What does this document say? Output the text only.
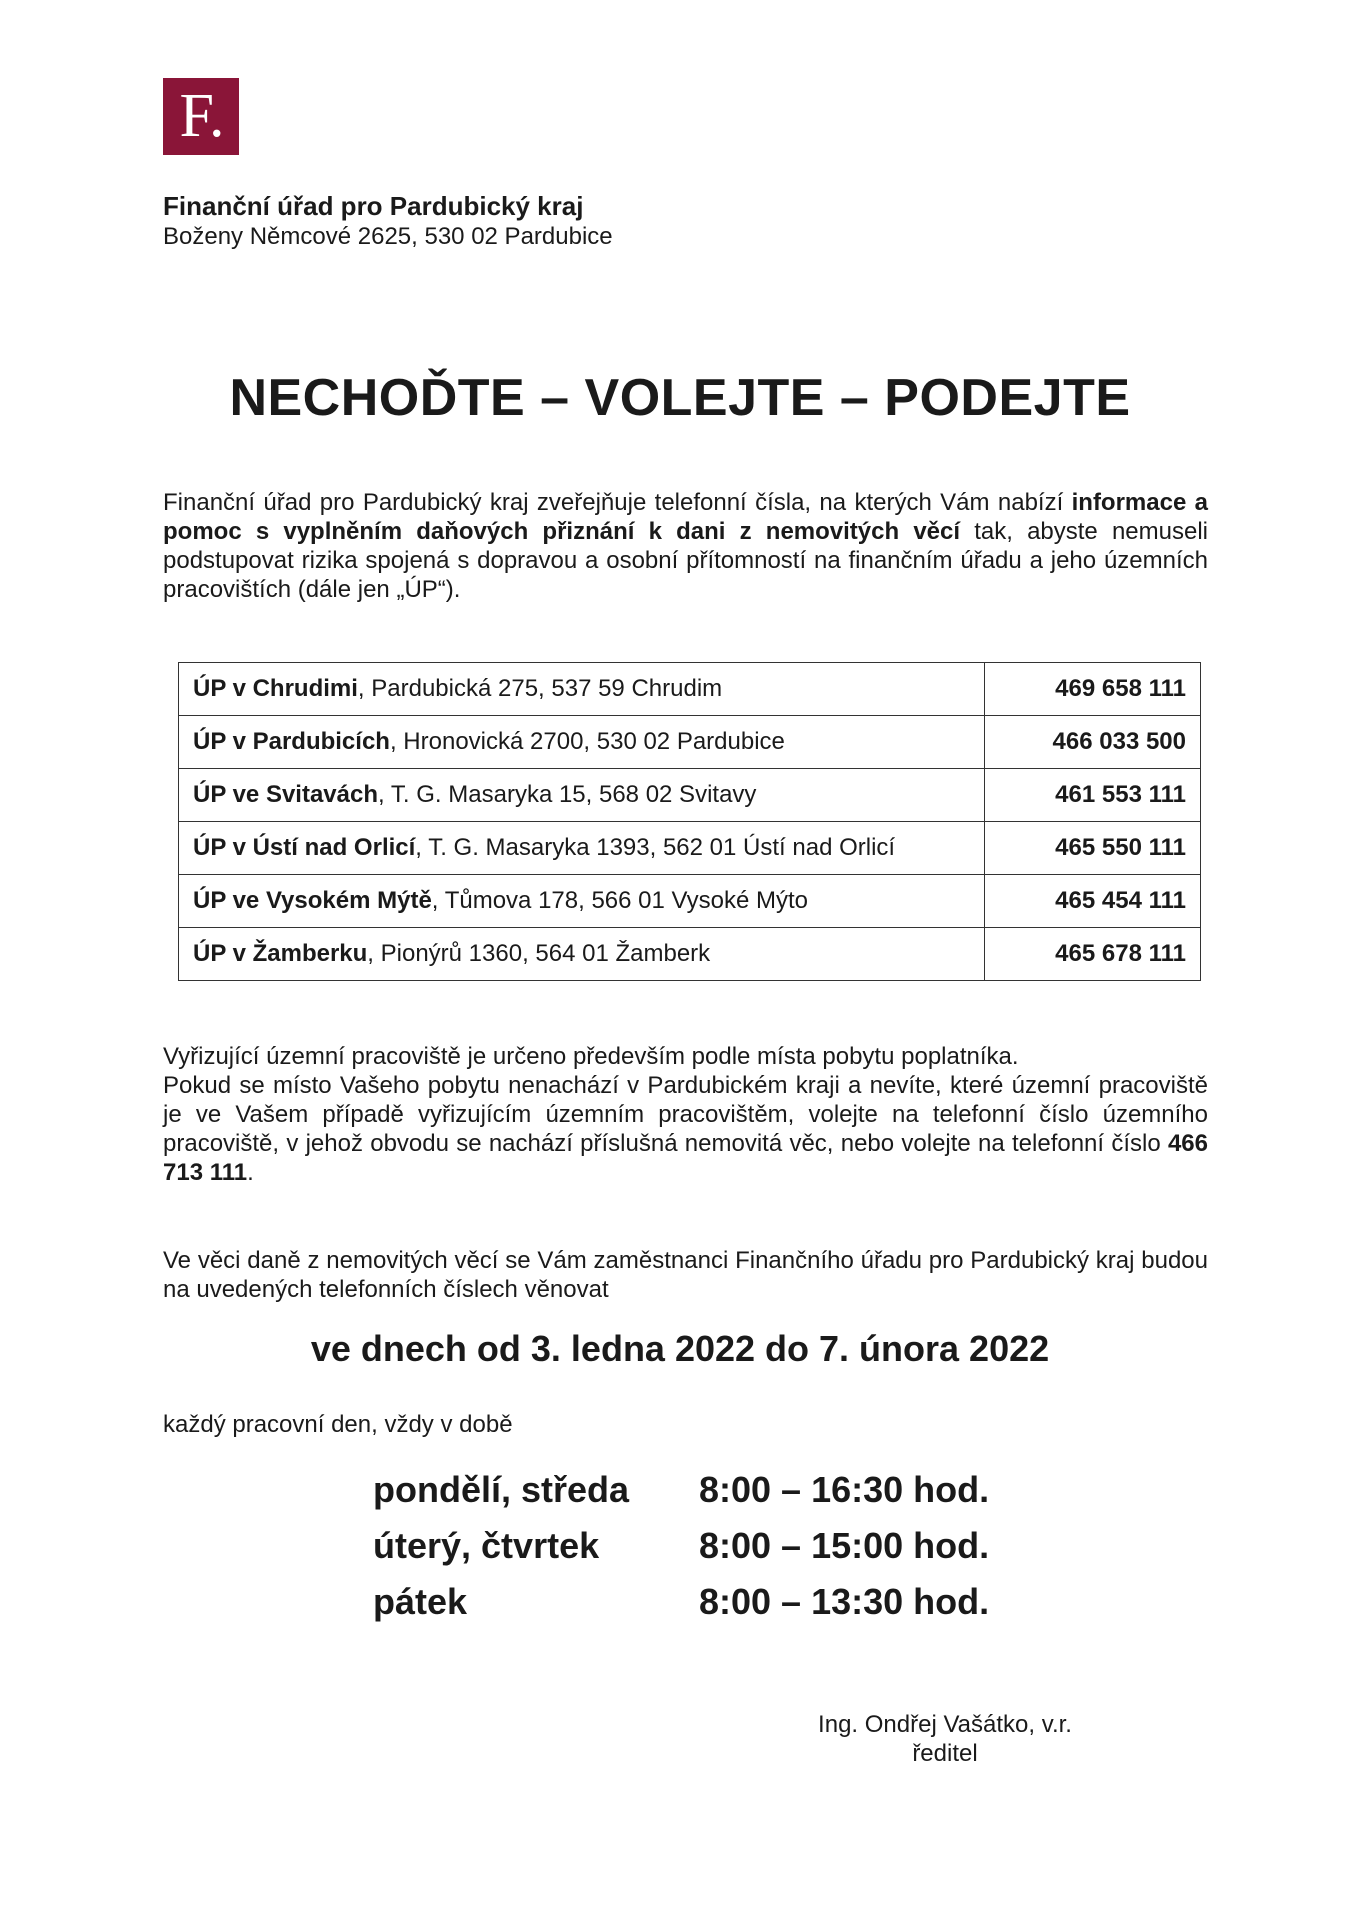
F.
Finanční úřad pro Pardubický kraj
Boženy Němcové 2625, 530 02 Pardubice
NECHOĎTE – VOLEJTE – PODEJTE
Finanční úřad pro Pardubický kraj zveřejňuje telefonní čísla, na kterých Vám nabízí informace a pomoc s vyplněním daňových přiznání k dani z nemovitých věcí tak, abyste nemuseli podstupovat rizika spojená s dopravou a osobní přítomností na finančním úřadu a jeho územních pracovištích (dále jen „ÚP“).
ÚP v Chrudimi, Pardubická 275, 537 59 Chrudim	469 658 111
ÚP v Pardubicích, Hronovická 2700, 530 02 Pardubice	466 033 500
ÚP ve Svitavách, T. G. Masaryka 15, 568 02 Svitavy	461 553 111
ÚP v Ústí nad Orlicí, T. G. Masaryka 1393, 562 01 Ústí nad Orlicí	465 550 111
ÚP ve Vysokém Mýtě, Tůmova 178, 566 01 Vysoké Mýto	465 454 111
ÚP v Žamberku, Pionýrů 1360, 564 01 Žamberk	465 678 111
Vyřizující územní pracoviště je určeno především podle místa pobytu poplatníka.
Pokud se místo Vašeho pobytu nenachází v Pardubickém kraji a nevíte, které územní pracoviště je ve Vašem případě vyřizujícím územním pracovištěm, volejte na telefonní číslo územního pracoviště, v jehož obvodu se nachází příslušná nemovitá věc, nebo volejte na telefonní číslo 466 713 111.
Ve věci daně z nemovitých věcí se Vám zaměstnanci Finančního úřadu pro Pardubický kraj budou na uvedených telefonních číslech věnovat
ve dnech od 3. ledna 2022 do 7. února 2022
každý pracovní den, vždy v době
pondělí, středa 8:00 – 16:30 hod.
úterý, čtvrtek	8:00 – 15:00 hod.
pátek	8:00 – 13:30 hod.
Ing. Ondřej Vašátko, v.r.
ředitel
